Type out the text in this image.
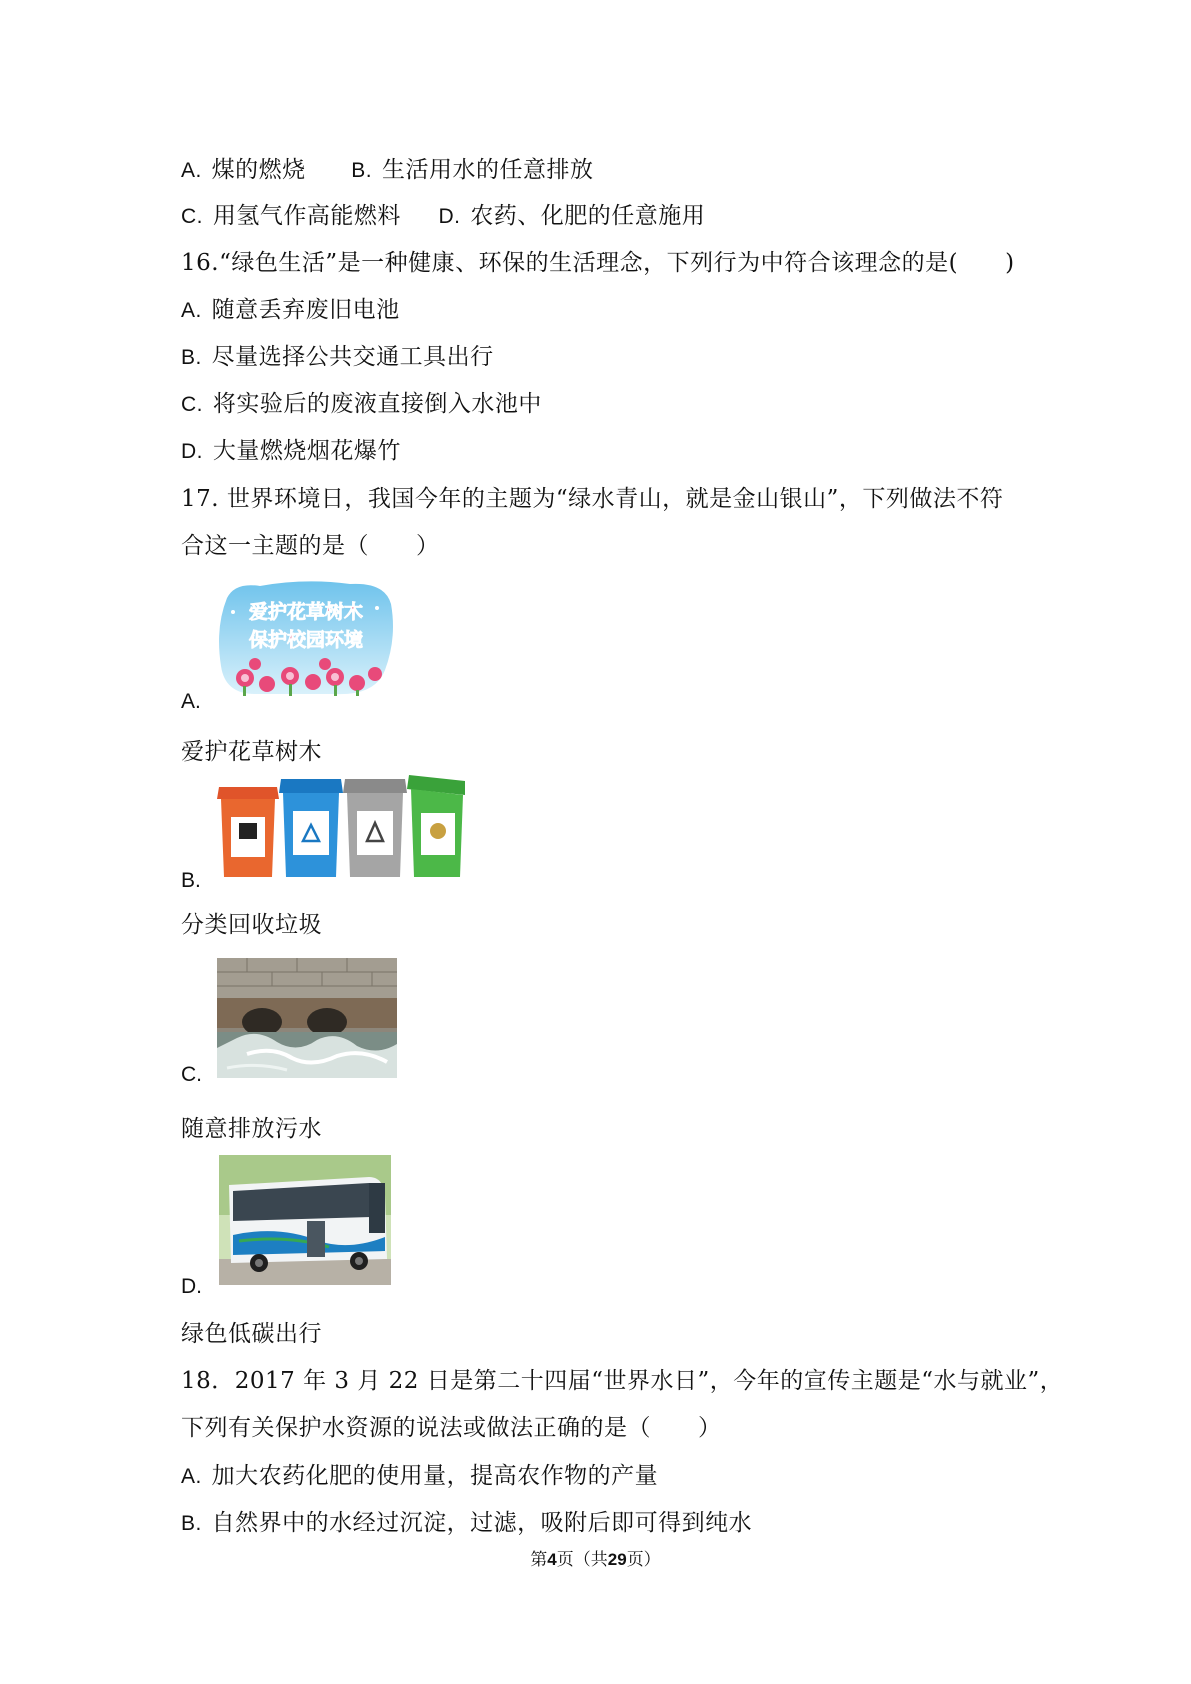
A. 煤的燃烧 B. 生活用水的任意排放
C. 用氢气作高能燃料 D. 农药、化肥的任意施用
16.“绿色生活”是一种健康、环保的生活理念，下列行为中符合该理念的是(　　)
A. 随意丢弃废旧电池
B. 尽量选择公共交通工具出行
C. 将实验后的废液直接倒入水池中
D. 大量燃烧烟花爆竹
17. 世界环境日，我国今年的主题为“绿水青山，就是金山银山”，下列做法不符
合这一主题的是（　　）
爱护花草树木
保护校园环境
A.
爱护花草树木
B.
分类回收垃圾
C.
随意排放污水
D.
绿色低碳出行
18．2017 年 3 月 22 日是第二十四届“世界水日”，今年的宣传主题是“水与就业”，
下列有关保护水资源的说法或做法正确的是（　　）
A. 加大农药化肥的使用量，提高农作物的产量
B. 自然界中的水经过沉淀，过滤，吸附后即可得到纯水
第4页（共29页）
